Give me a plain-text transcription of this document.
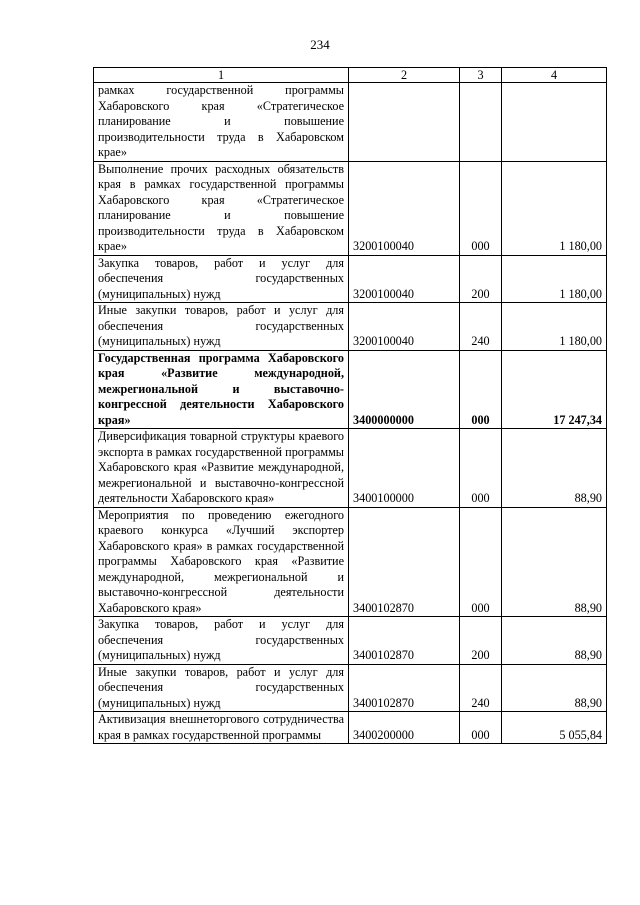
234
1	2	3	4
рамках государственной программы Хабаровского края «Стратегическое планирование и повышение производительности труда в Хабаровском крае»			
Выполнение прочих расходных обязательств края в рамках государственной программы Хабаровского края «Стратегическое планирование и повышение производительности труда в Хабаровском крае»	3200100040	000	1 180,00
Закупка товаров, работ и услуг для обеспечения государственных (муниципальных) нужд	3200100040	200	1 180,00
Иные закупки товаров, работ и услуг для обеспечения государственных (муниципальных) нужд	3200100040	240	1 180,00
Государственная программа Хабаровского края «Развитие международной, межрегиональной и выставочно-конгрессной деятельности Хабаровского края»	3400000000	000	17 247,34
Диверсификация товарной структуры краевого экспорта в рамках государственной программы Хабаровского края «Развитие международной, межрегиональной и выставочно-конгрессной деятельности Хабаровского края»	3400100000	000	88,90
Мероприятия по проведению ежегодного краевого конкурса «Лучший экспортер Хабаровского края» в рамках государственной программы Хабаровского края «Развитие международной, межрегиональной и выставочно-конгрессной деятельности Хабаровского края»	3400102870	000	88,90
Закупка товаров, работ и услуг для обеспечения государственных (муниципальных) нужд	3400102870	200	88,90
Иные закупки товаров, работ и услуг для обеспечения государственных (муниципальных) нужд	3400102870	240	88,90
Активизация внешнеторгового сотрудничества края в рамках государственной программы	3400200000	000	5 055,84
